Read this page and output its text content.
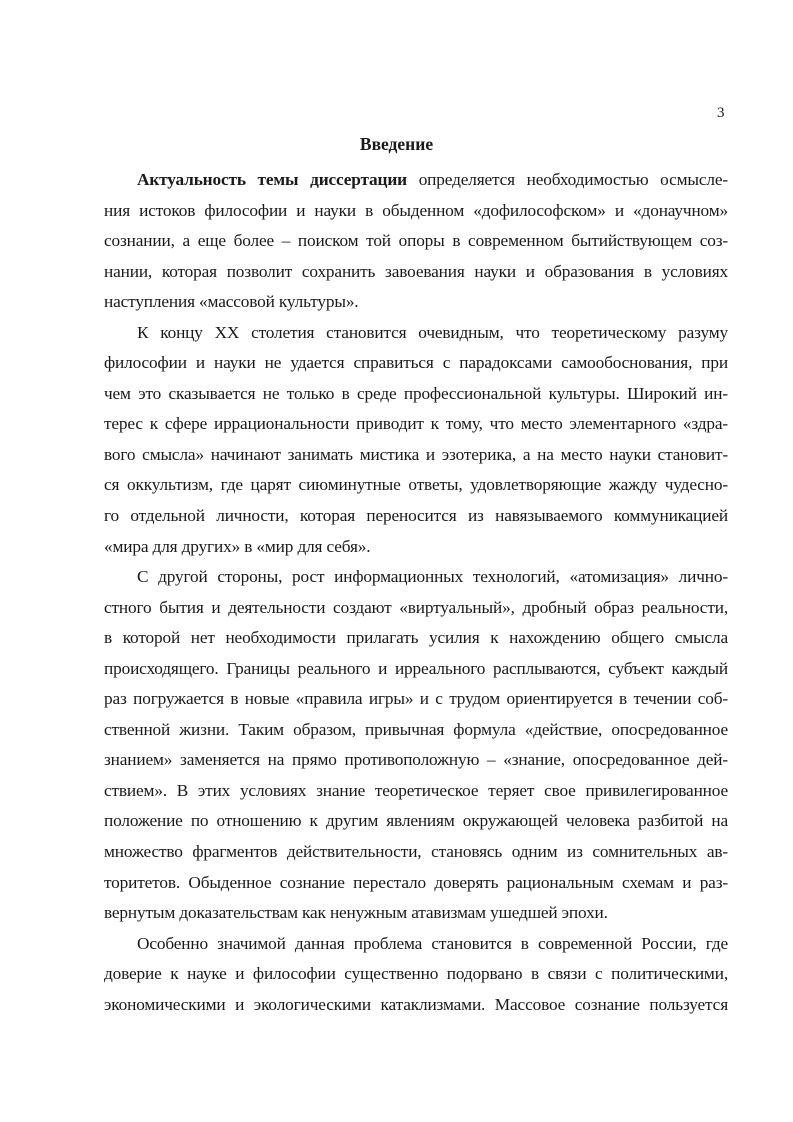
3
Введение
Актуальность темы диссертации определяется необходимостью осмысле-
ния истоков философии и науки в обыденном «дофилософском» и «донаучном»
сознании, а еще более – поиском той опоры в современном бытийствующем соз-
нании, которая позволит сохранить завоевания науки и образования в условиях
наступления «массовой культуры».
К концу XX столетия становится очевидным, что теоретическому разуму
философии и науки не удается справиться с парадоксами самообоснования, при
чем это сказывается не только в среде профессиональной культуры. Широкий ин-
терес к сфере иррациональности приводит к тому, что место элементарного «здра-
вого смысла» начинают занимать мистика и эзотерика, а на место науки становит-
ся оккультизм, где царят сиюминутные ответы, удовлетворяющие жажду чудесно-
го отдельной личности, которая переносится из навязываемого коммуникацией
«мира для других» в «мир для себя».
С другой стороны, рост информационных технологий, «атомизация» лично-
стного бытия и деятельности создают «виртуальный», дробный образ реальности,
в которой нет необходимости прилагать усилия к нахождению общего смысла
происходящего. Границы реального и ирреального расплываются, субъект каждый
раз погружается в новые «правила игры» и с трудом ориентируется в течении соб-
ственной жизни. Таким образом, привычная формула «действие, опосредованное
знанием» заменяется на прямо противоположную – «знание, опосредованное дей-
ствием». В этих условиях знание теоретическое теряет свое привилегированное
положение по отношению к другим явлениям окружающей человека разбитой на
множество фрагментов действительности, становясь одним из сомнительных ав-
торитетов. Обыденное сознание перестало доверять рациональным схемам и раз-
вернутым доказательствам как ненужным атавизмам ушедшей эпохи.
Особенно значимой данная проблема становится в современной России, где
доверие к науке и философии существенно подорвано в связи с политическими,
экономическими и экологическими катаклизмами. Массовое сознание пользуется
